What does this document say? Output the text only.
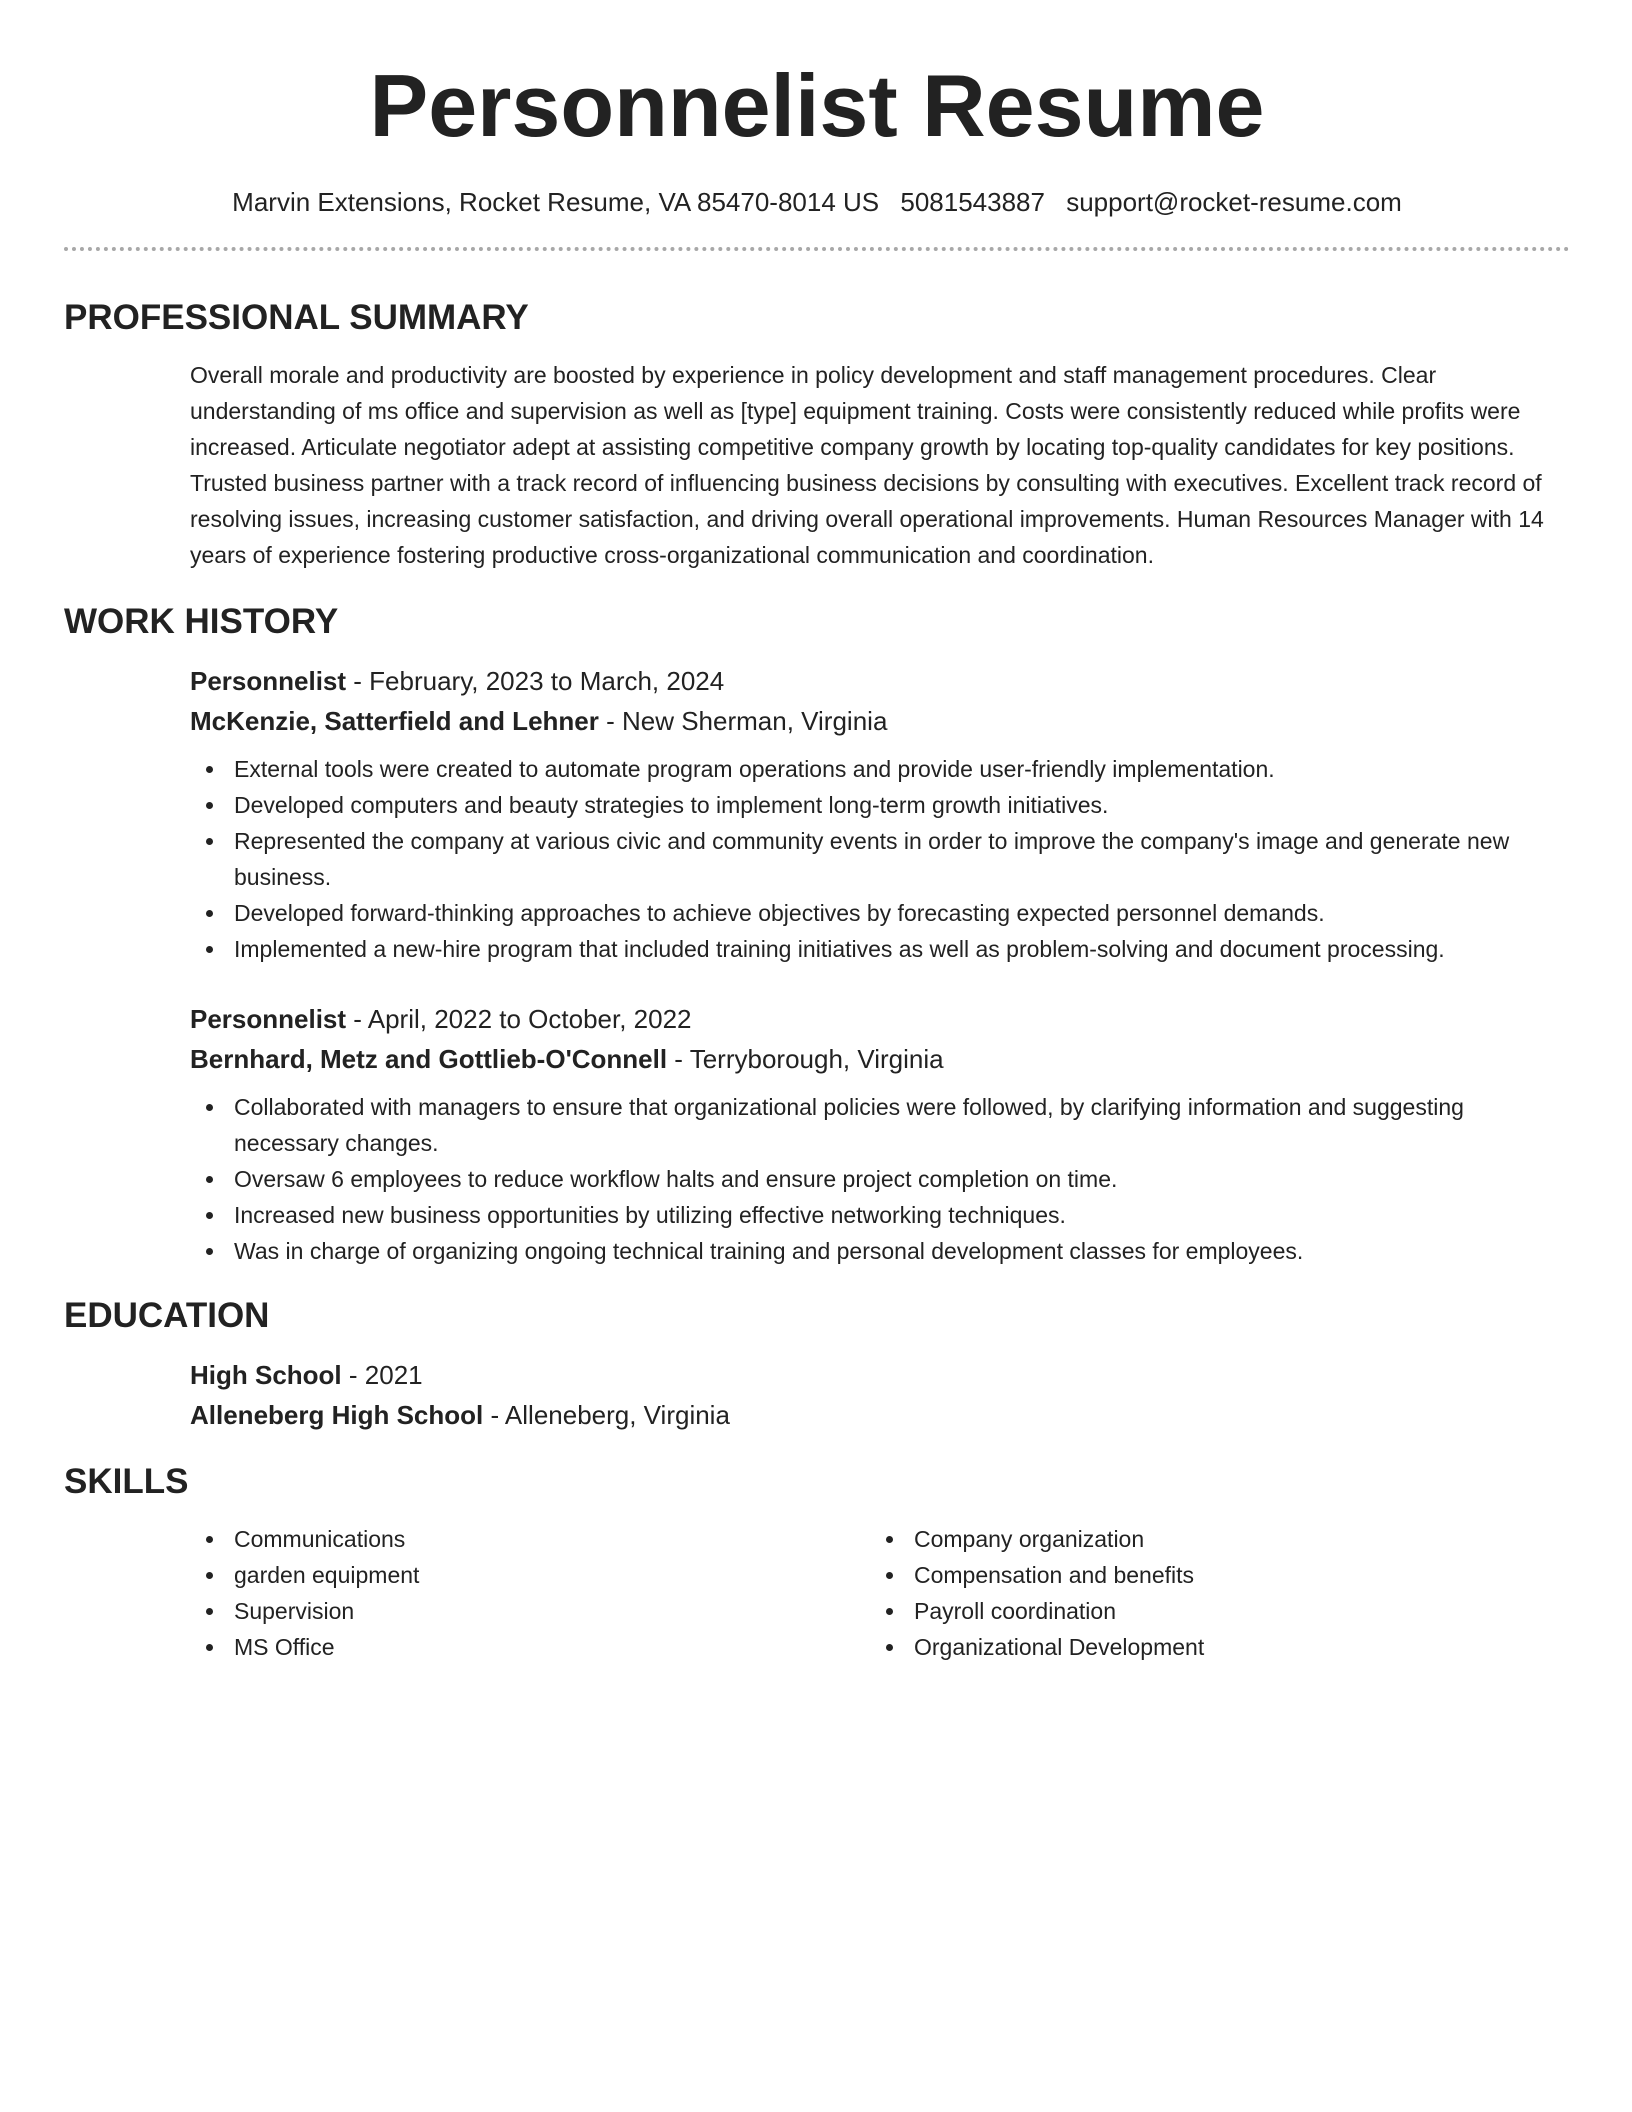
Personnelist Resume
Marvin Extensions, Rocket Resume, VA 85470-8014 US 5081543887 support@rocket-resume.com
PROFESSIONAL SUMMARY

Overall morale and productivity are boosted by experience in policy development and staff management procedures. Clear understanding of ms office and supervision as well as [type] equipment training. Costs were consistently reduced while profits were increased. Articulate negotiator adept at assisting competitive company growth by locating top-quality candidates for key positions. Trusted business partner with a track record of influencing business decisions by consulting with executives. Excellent track record of resolving issues, increasing customer satisfaction, and driving overall operational improvements. Human Resources Manager with 14 years of experience fostering productive cross-organizational communication and coordination.

WORK HISTORY
Personnelist - February, 2023 to March, 2024
McKenzie, Satterfield and Lehner - New Sherman, Virginia
External tools were created to automate program operations and provide user-friendly implementation.
Developed computers and beauty strategies to implement long-term growth initiatives.
Represented the company at various civic and community events in order to improve the company's image and generate new business.
Developed forward-thinking approaches to achieve objectives by forecasting expected personnel demands.
Implemented a new-hire program that included training initiatives as well as problem-solving and document processing.
Personnelist - April, 2022 to October, 2022
Bernhard, Metz and Gottlieb-O'Connell - Terryborough, Virginia
Collaborated with managers to ensure that organizational policies were followed, by clarifying information and suggesting necessary changes.
Oversaw 6 employees to reduce workflow halts and ensure project completion on time.
Increased new business opportunities by utilizing effective networking techniques.
Was in charge of organizing ongoing technical training and personal development classes for employees.
EDUCATION
High School - 2021
Alleneberg High School - Alleneberg, Virginia
SKILLS
Communications
garden equipment
Supervision
MS Office
Company organization
Compensation and benefits
Payroll coordination
Organizational Development
